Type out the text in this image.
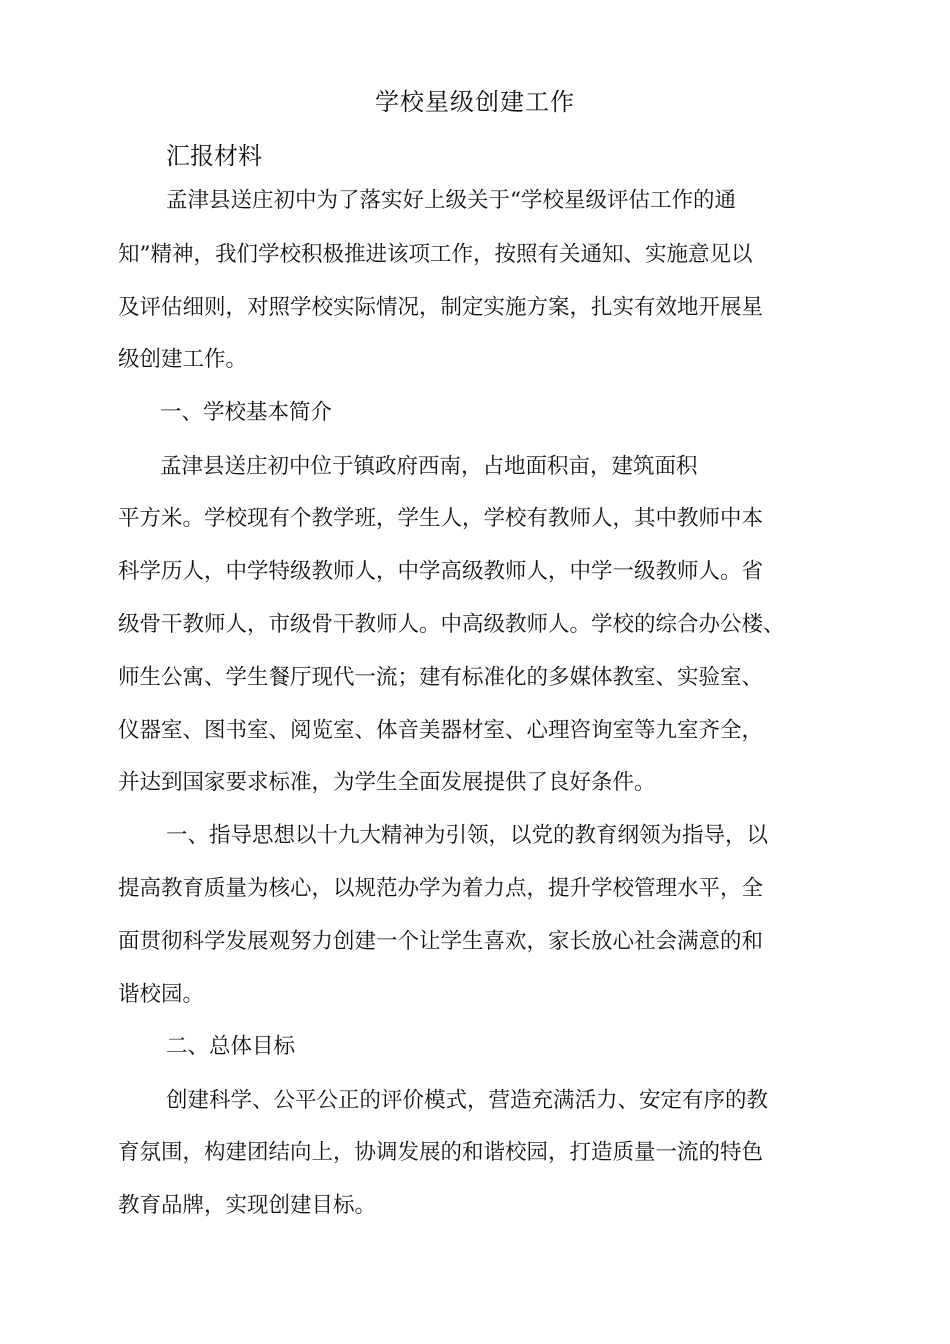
学校星级创建工作
汇报材料
孟津县送庄初中为了落实好上级关于“学校星级评估工作的通
知”精神，我们学校积极推进该项工作，按照有关通知、实施意见以
及评估细则，对照学校实际情况，制定实施方案，扎实有效地开展星
级创建工作。
一、学校基本简介
孟津县送庄初中位于镇政府西南，占地面积亩，建筑面积
平方米。学校现有个教学班，学生人，学校有教师人，其中教师中本
科学历人，中学特级教师人，中学高级教师人，中学一级教师人。省
级骨干教师人，市级骨干教师人。中高级教师人。学校的综合办公楼、
师生公寓、学生餐厅现代一流；建有标准化的多媒体教室、实验室、
仪器室、图书室、阅览室、体音美器材室、心理咨询室等九室齐全，
并达到国家要求标准，为学生全面发展提供了良好条件。
一、指导思想以十九大精神为引领，以党的教育纲领为指导，以
提高教育质量为核心，以规范办学为着力点，提升学校管理水平，全
面贯彻科学发展观努力创建一个让学生喜欢，家长放心社会满意的和
谐校园。
二、总体目标
创建科学、公平公正的评价模式，营造充满活力、安定有序的教
育氛围，构建团结向上，协调发展的和谐校园，打造质量一流的特色
教育品牌，实现创建目标。
